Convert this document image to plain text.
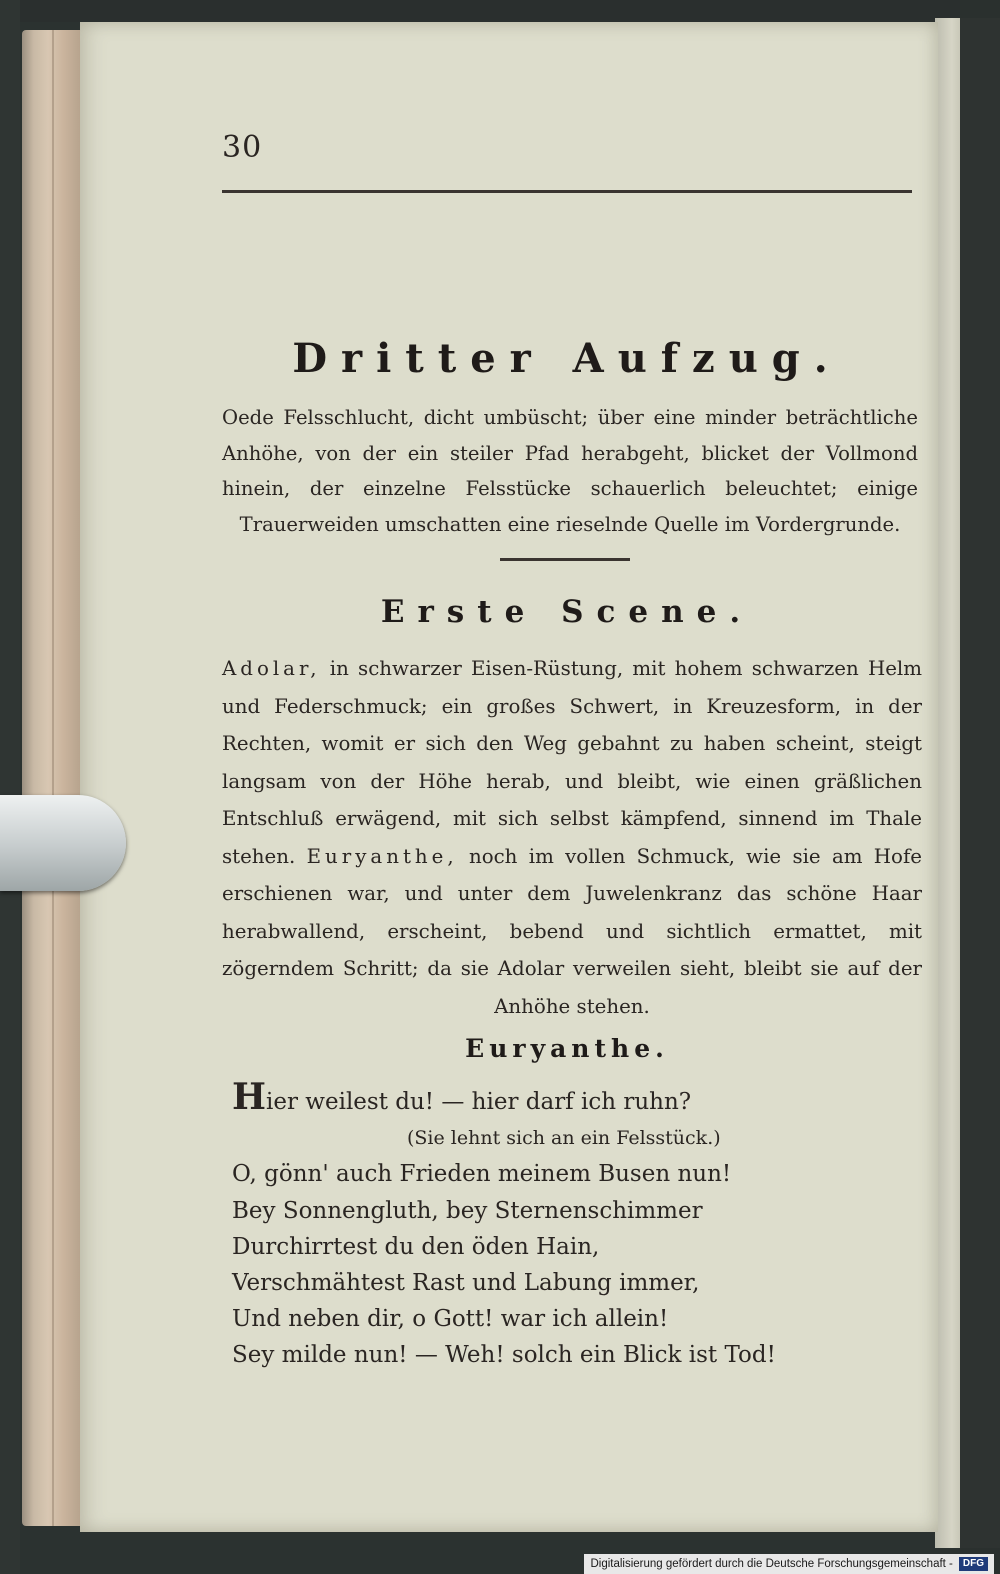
30
Dritter Aufzug.

Oede Felsschlucht, dicht umbüscht; über eine minder beträchtliche Anhöhe, von der ein steiler Pfad herabgeht, blicket der Vollmond hinein, der einzelne Felsstücke schauerlich beleuchtet; einige Trauerweiden umschatten eine rieselnde Quelle im Vordergrunde.

Erste Scene.

Adolar, in schwarzer Eisen-Rüstung, mit hohem schwarzen Helm und Federschmuck; ein großes Schwert, in Kreuzesform, in der Rechten, womit er sich den Weg gebahnt zu haben scheint, steigt langsam von der Höhe herab, und bleibt, wie einen gräßlichen Entschluß erwägend, mit sich selbst kämpfend, sinnend im Thale stehen. Euryanthe, noch im vollen Schmuck, wie sie am Hofe erschienen war, und unter dem Juwelenkranz das schöne Haar herabwallend, erscheint, bebend und sichtlich ermattet, mit zögerndem Schritt; da sie Adolar verweilen sieht, bleibt sie auf der Anhöhe stehen.

Euryanthe.
Hier weilest du! — hier darf ich ruhn?
(Sie lehnt sich an ein Felsstück.)
O, gönn' auch Frieden meinem Busen nun!
Bey Sonnengluth, bey Sternenschimmer
Durchirrtest du den öden Hain,
Verschmähtest Rast und Labung immer,
Und neben dir, o Gott! war ich allein!
Sey milde nun! — Weh! solch ein Blick ist Tod!
Digitalisierung gefördert durch die Deutsche Forschungsgemeinschaft -	DFG
